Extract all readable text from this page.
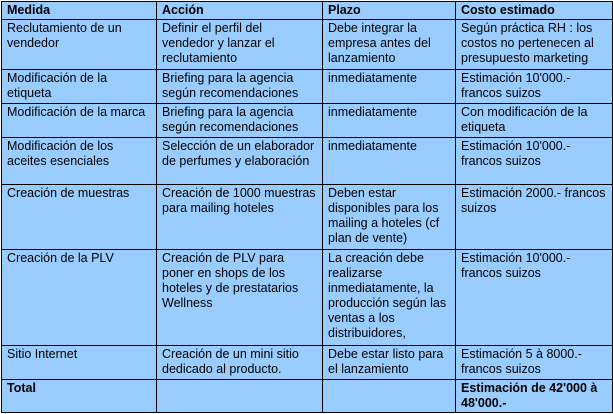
Medida	Acción	Plazo	Costo estimado
Reclutamiento de un vendedor	Definir el perfil del vendedor y lanzar el reclutamiento	Debe integrar la empresa antes del lanzamiento	Según práctica RH : los costos no pertenecen al presupuesto marketing
Modificación de la etiqueta	Briefing para la agencia según recomendaciones	inmediatamente	Estimación 10'000.- francos suizos
Modificación de la marca	Briefing para la agencia según recomendaciones	inmediatamente	Con modificación de la etiqueta
Modificación de los aceites esenciales	Selección de un elaborador de perfumes y elaboración	inmediatamente	Estimación 10'000.- francos suizos
Creación de muestras	Creación de 1000 muestras para mailing hoteles	Deben estar disponibles para los mailing a hoteles (cf plan de vente)	Estimación 2000.- francos suizos
Creación de la PLV	Creación de PLV para poner en shops de los hoteles y de prestatarios Wellness	La creación debe realizarse inmediatamente, la producción según las ventas a los distribuidores,	Estimación 10'000.-francos suizos
Sitio Internet	Creación de un mini sitio dedicado al producto.	Debe estar listo para el lanzamiento	Estimación 5 à 8000.- francos suizos
Total			Estimación de 42'000 à 48'000.-
